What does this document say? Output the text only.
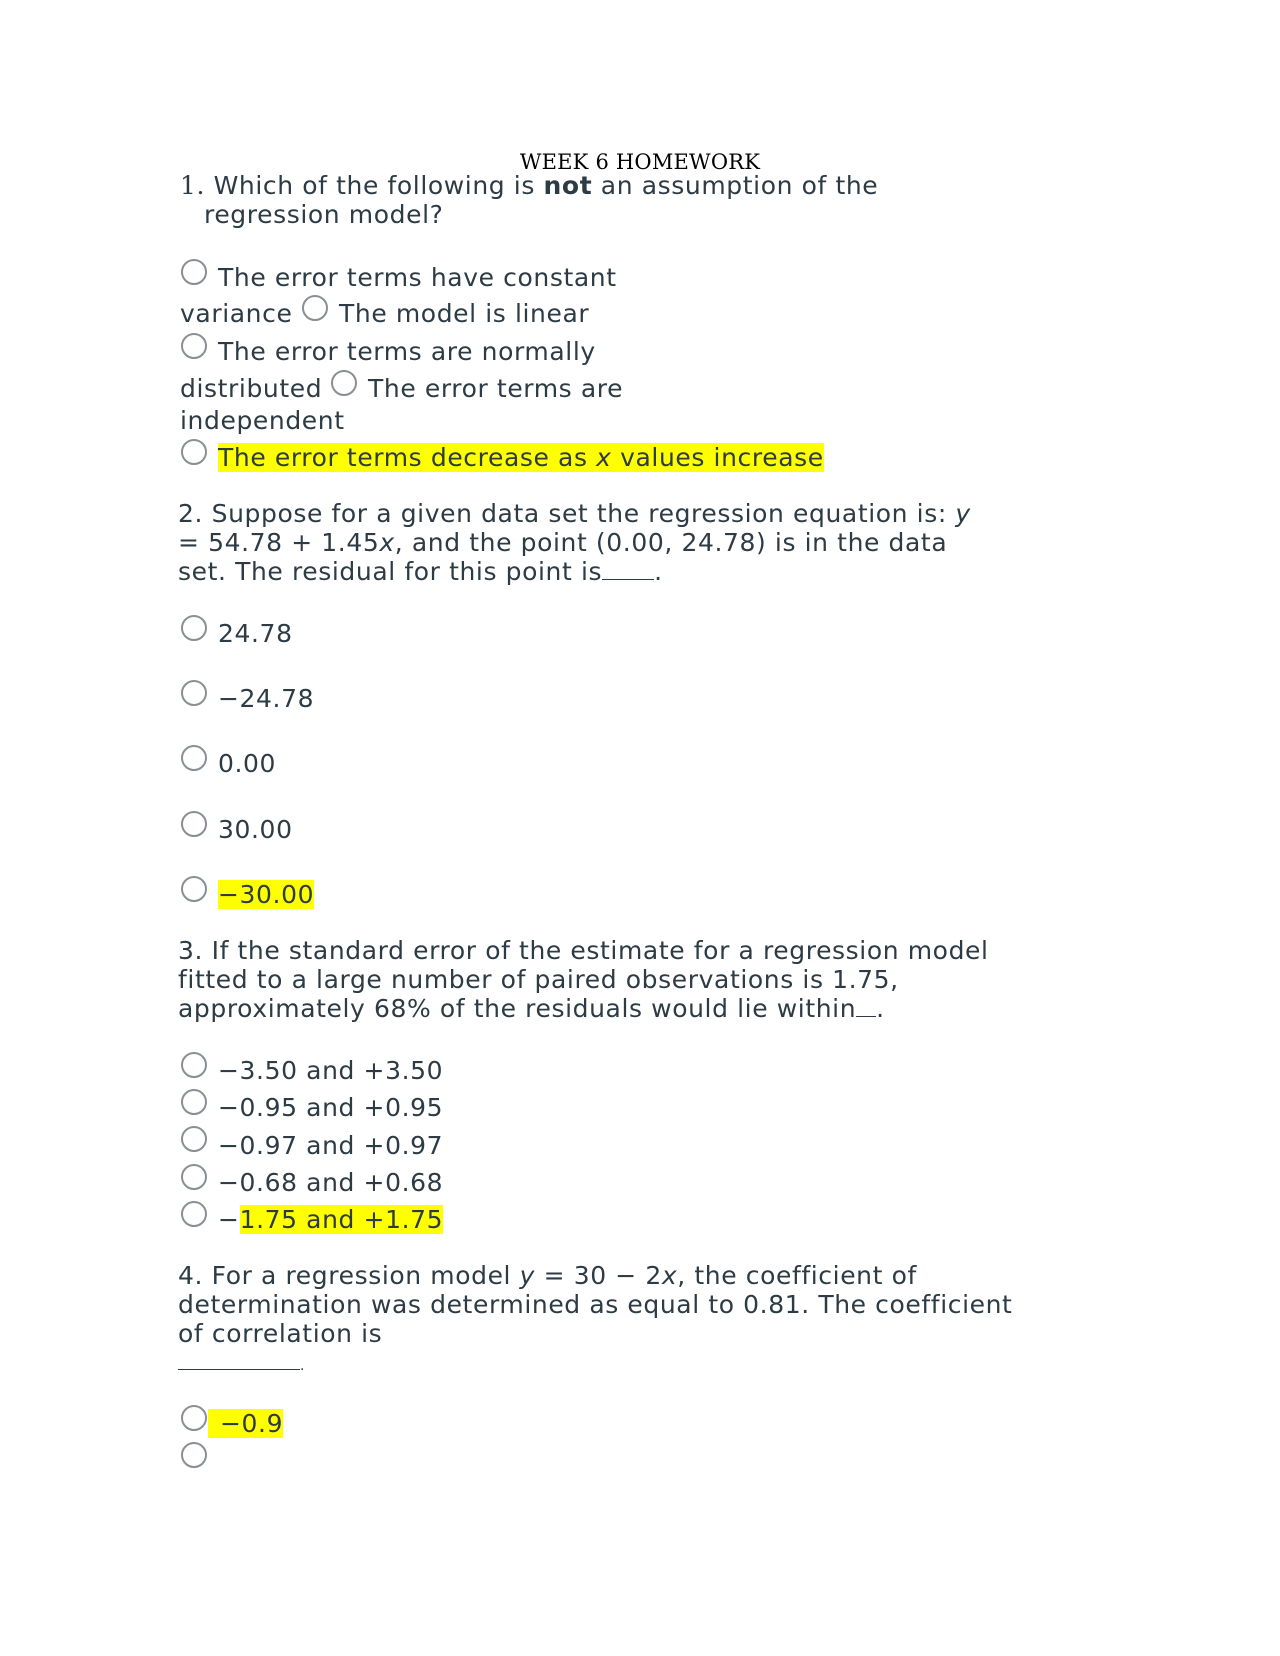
WEEK 6 HOMEWORK
1. Which of the following is not an assumption of the
regression model?
The error terms have constant
variance The model is linear
The error terms are normally
distributed The error terms are
independent
The error terms decrease as x values increase
2. Suppose for a given data set the regression equation is: y
= 54.78 + 1.45x, and the point (0.00, 24.78) is in the data
set. The residual for this point is .
24.78
−24.78
0.00
30.00
−30.00
3. If the standard error of the estimate for a regression model
fitted to a large number of paired observations is 1.75,
approximately 68% of the residuals would lie within .
−3.50 and +3.50
−0.95 and +0.95
−0.97 and +0.97
−0.68 and +0.68
−1.75 and +1.75
4. For a regression model y = 30 − 2x, the coefficient of
determination was determined as equal to 0.81. The coefficient
of correlation is
.
−0.9
